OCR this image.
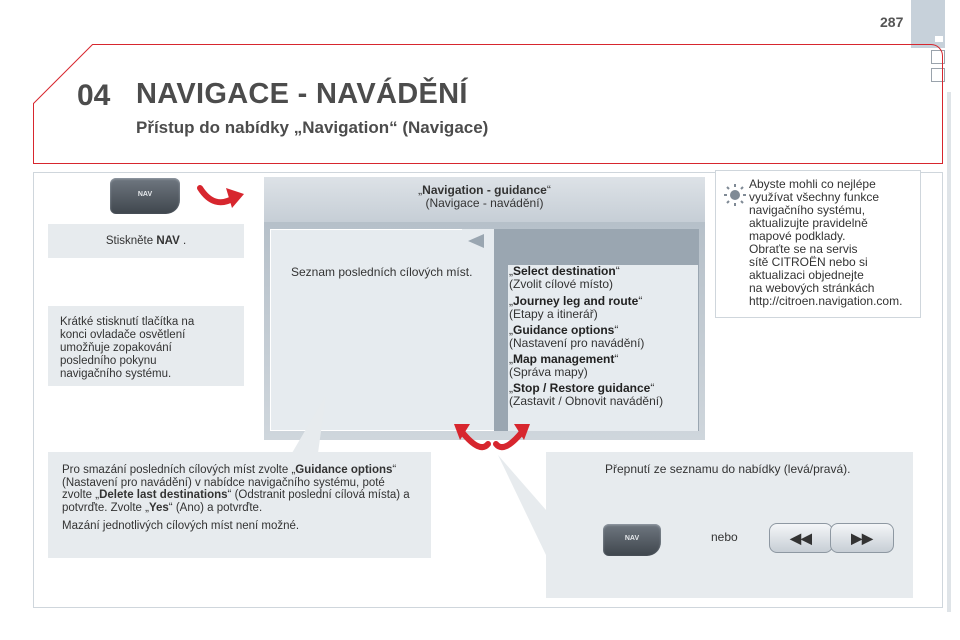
287
04 NAVIGACE - NAVÁDĚNÍ
Přístup do nabídky „Navigation“ (Navigace)
NAV
Stiskněte NAV .
Krátké stisknutí tlačítka na
konci ovladače osvětlení
umožňuje zopakování
posledního pokynu
navigačního systému.
„Navigation - guidance“
(Navigace - navádění)
Seznam posledních cílových míst.	„Select destination“
(Zvolit cílové místo)
„Journey leg and route“
(Etapy a itinerář)
„Guidance options“
(Nastavení pro navádění)
„Map management“
(Správa mapy)
„Stop / Restore guidance“
(Zastavit / Obnovit navádění)
Abyste mohli co nejlépe
využívat všechny funkce
navigačního systému,
aktualizujte pravidelně
mapové podklady.
Obraťte se na servis
sítě CITROËN nebo si
aktualizaci objednejte
na webových stránkách
http://citroen.navigation.com.
Pro smazání posledních cílových míst zvolte „Guidance options“ (Nastavení pro navádění) v nabídce navigačního systému, poté zvolte „Delete last destinations“ (Odstranit poslední cílová místa) a potvrďte. Zvolte „Yes“ (Ano) a potvrďte.
Mazání jednotlivých cílových míst není možné.
Přepnutí ze seznamu do nabídky (levá/pravá).
NAV	nebo	◀◀	▶▶
